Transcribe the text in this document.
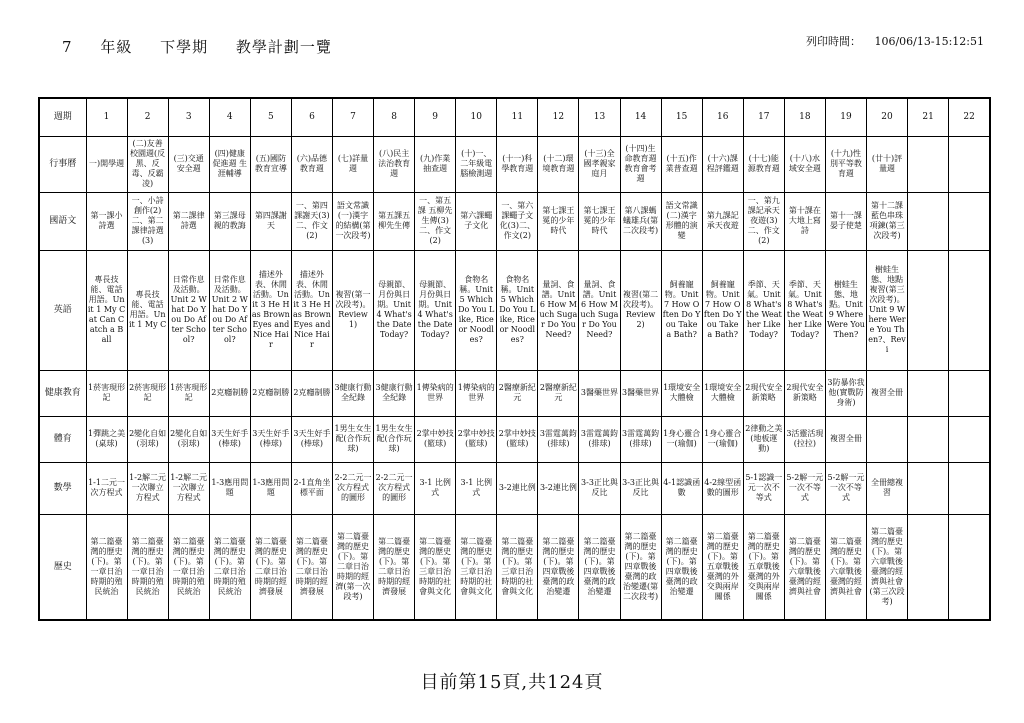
7 年級 下學期 教學計劃一覽	列印時間： 106/06/13-15:12:51
週期	1	2	3	4	5	6	7	8	9	10	11	12	13	14	15	16	17	18	19	20	21	22
行事曆	一)開學週	(二)友善校園週(反黑、反毒、反霸凌)	(三)交通安全週	(四)健康促進週 生涯輔導	(五)國防教育宣導	(六)品德教育週	(七)詳量週	(八)民主法治教育週	(九)作業抽查週	(十)一、二年級電腦檢測週	(十一)科學教育週	(十二)環境教育週	(十三)全國孝親家庭月	(十四)生命教育週 教育會考週	(十五)作業普查週	(十六)課程評鑑週	(十七)能源教育週	(十八)水域安全週	(十九)性別平等教育週	(廿十)評量週		
國語文	第一課小詩選	一、小詩創作(2) 二、第二課律詩選(3)	第二課律詩選	第三課母親的教誨	第四課謝天	一、第四課謝天(3)二、作文(2)	語文常識(一)漢字的結構(第一次段考)	第五課五柳先生傳	一、第五課 五柳先生傳(3)二、作文(2)	第六課蠅子文化	一、第六課蠅子文化(3)二、作文(2)	第七課王冕的少年時代	第七課王冕的少年時代	第八課螞蟻雄兵(第二次段考)	語文常識(二)漢字形體的演變	第九課記承天夜遊	一、第九課記承天夜遊(3)二、作文(2)	第十課在大地上寫詩	第十一課晏子使楚	第十二課藍色串珠項鍊(第三次段考)		
英語	專長技能、電話用語。Unit 1 My Cat Can Catch a Ball	專長技能、電話用語。Unit 1 My C	日常作息及活動。Unit 2 What Do You Do After School?	日常作息及活動。Unit 2 What Do You Do After School?	描述外表、休閒活動。Unit 3 He Has Brown Eyes and Nice Hair	描述外表、休閒活動。Unit 3 He Has Brown Eyes and Nice Hair	複習(第一次段考)。Review 1)	母親節、月份與日期。Unit 4 What's the Date Today?	母親節、月份與日期。Unit 4 What's the Date Today?	食物名稱。Unit 5 Which Do You Like, Rice or Noodles?	食物名稱。Unit 5 Which Do You Like, Rice or Noodles?	量詞、食譜。Unit 6 How Much Sugar Do You Need?	量詞、食譜。Unit 6 How Much Sugar Do You Need?	複習(第二次段考)。Review 2)	飼養寵物。Unit 7 How Often Do You Take a Bath?	飼養寵物。Unit 7 How Often Do You Take a Bath?	季節、天氣。Unit 8 What's the Weather Like Today?	季節、天氣。Unit 8 What's the Weather Like Today?	樹蛙生態、地點。Unit 9 Where Were You Then?	樹蛙生態、地點複習(第三次段考)。Unit 9 Where Were You Then?、Revi		
健康教育	1菸害現形記	2菸害現形記	1菸害現形記	2克癮制勝	2克癮制勝	2克癮制勝	3健康行動全紀錄	3健康行動全紀錄	1傳染病的世界	1傳染病的世界	2醫療新紀元	2醫療新紀元	3醫藥世界	3醫藥世界	1環境安全大體檢	1環境安全大體檢	2現代安全新策略	2現代安全新策略	3防暴你我他(實戰防身術)	複習全冊		
體育	1彈跳之美(桌球)	2變化自如(羽球)	2變化自如(羽球)	3天生好手(棒球)	3天生好手(棒球)	3天生好手(棒球)	1男生女生配(合作玩球)	1男生女生配(合作玩球)	2掌中妙技(籃球)	2掌中妙技(籃球)	2掌中妙技(籃球)	3雷霆萬鈞(排球)	3雷霆萬鈞(排球)	3雷霆萬鈞(排球)	1身心靈合一(瑜伽)	1身心靈合一(瑜伽)	2律動之美(地板運動)	3活靈活現(拉拉)	複習全冊			
數學	1-1二元一次方程式	1-2解二元一次聯立方程式	1-2解二元一次聯立方程式	1-3應用問題	1-3應用問題	2-1直角坐標平面	2-2二元一次方程式的圖形	2-2二元一次方程式的圖形	3-1 比例式	3-1 比例式	3-2連比例	3-2連比例	3-3正比與反比	3-3正比與反比	4-1認識函數	4-2線型函數的圖形	5-1認識一元一次不等式	5-2解一元一次不等式	5-2解一元一次不等式	全冊總複習		
歷史	第二篇臺灣的歷史(下)。第一章日治時期的殖民統治	第二篇臺灣的歷史(下)。第一章日治時期的殖民統治	第二篇臺灣的歷史(下)。第一章日治時期的殖民統治	第二篇臺灣的歷史(下)。第二章日治時期的殖民統治	第二篇臺灣的歷史(下)。第二章日治時期的經濟發展	第二篇臺灣的歷史(下)。第二章日治時期的經濟發展	第二篇臺灣的歷史(下)。第二章日治時期的經濟(第一次段考)	第二篇臺灣的歷史(下)。第二章日治時期的經濟發展	第二篇臺灣的歷史(下)。第三章日治時期的社會與文化	第二篇臺灣的歷史(下)。第三章日治時期的社會與文化	第二篇臺灣的歷史(下)。第三章日治時期的社會與文化	第二篇臺灣的歷史(下)。第四章戰後臺灣的政治變遷	第二篇臺灣的歷史(下)。第四章戰後臺灣的政治變遷	第二篇臺灣的歷史(下)。第四章戰後臺灣的政治變遷(第二次段考)	第二篇臺灣的歷史(下)。第四章戰後臺灣的政治變遷	第二篇臺灣的歷史(下)。第五章戰後臺灣的外交與兩岸關係	第二篇臺灣的歷史(下)。第五章戰後臺灣的外交與兩岸關係	第二篇臺灣的歷史(下)。第六章戰後臺灣的經濟與社會	第二篇臺灣的歷史(下)。第六章戰後臺灣的經濟與社會	第二篇臺灣的歷史(下)。第六章戰後臺灣的經濟與社會(第三次段考)		
目前第15頁,共124頁
